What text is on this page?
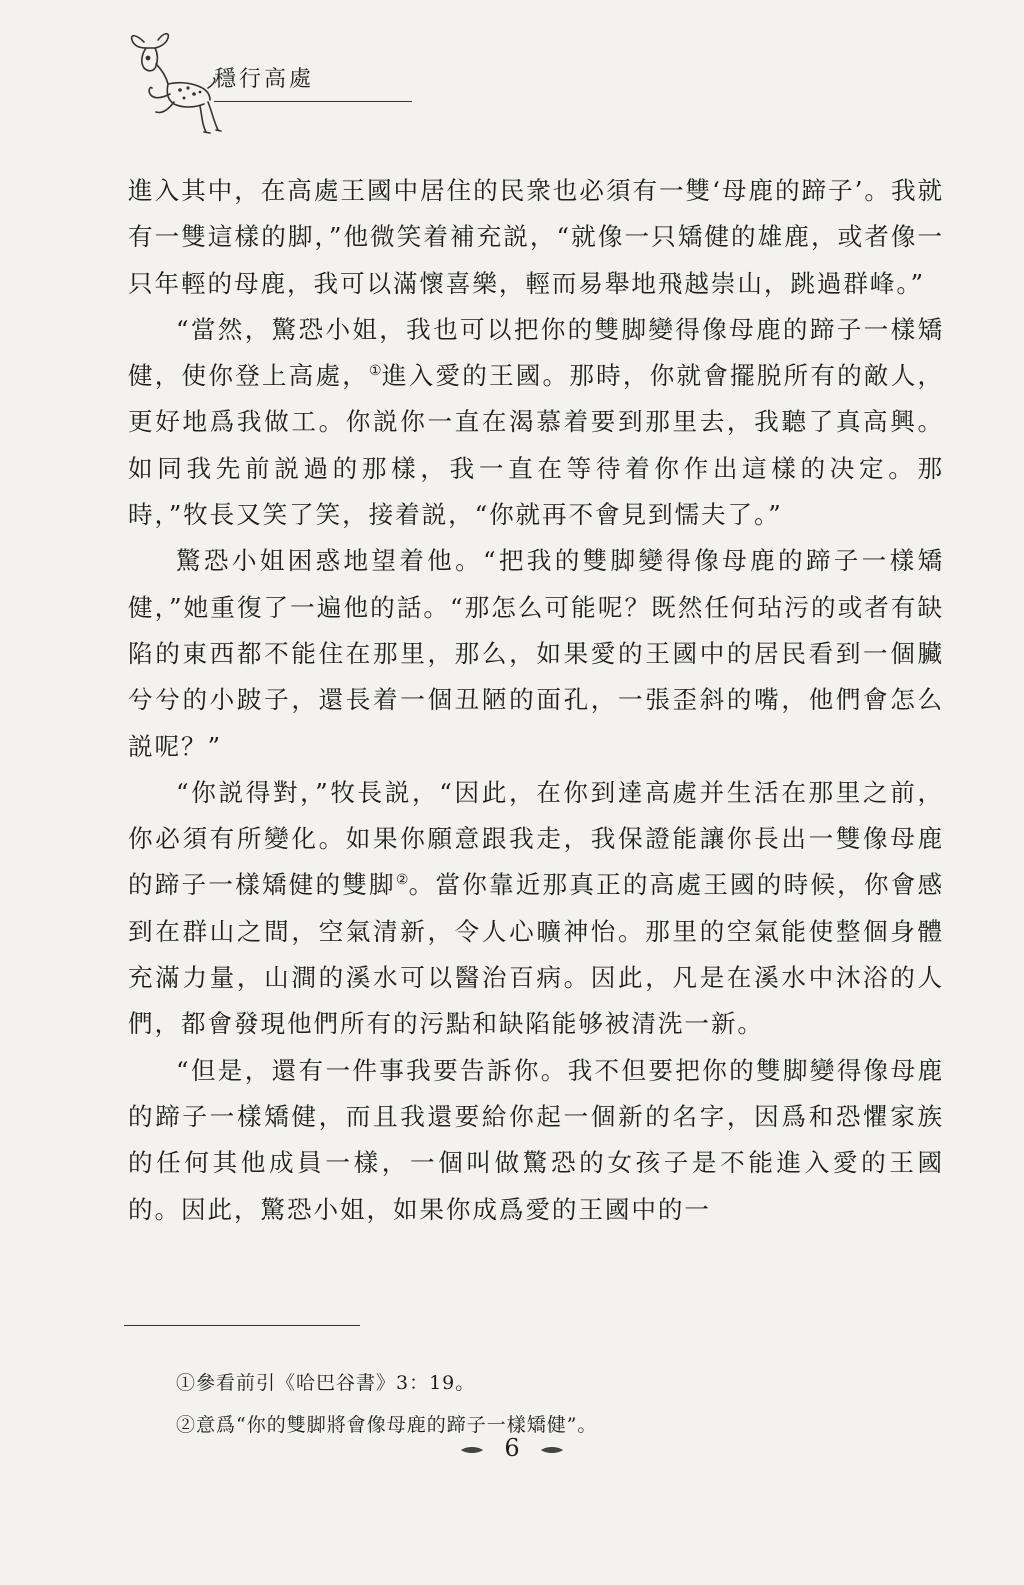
穩行高處

進入其中，在高處王國中居住的民衆也必須有一雙‘母鹿的蹄子’。我就有一雙這樣的脚，”他微笑着補充説，“就像一只矯健的雄鹿，或者像一只年輕的母鹿，我可以滿懷喜樂，輕而易舉地飛越崇山，跳過群峰。”

“當然，驚恐小姐，我也可以把你的雙脚變得像母鹿的蹄子一樣矯健，使你登上高處，①進入愛的王國。那時，你就會擺脱所有的敵人，更好地爲我做工。你説你一直在渴慕着要到那里去，我聽了真高興。如同我先前説過的那樣，我一直在等待着你作出這樣的决定。那時，”牧長又笑了笑，接着説，“你就再不會見到懦夫了。”

驚恐小姐困惑地望着他。“把我的雙脚變得像母鹿的蹄子一樣矯健，”她重復了一遍他的話。“那怎么可能呢？既然任何玷污的或者有缺陷的東西都不能住在那里，那么，如果愛的王國中的居民看到一個臟兮兮的小跛子，還長着一個丑陋的面孔，一張歪斜的嘴，他們會怎么説呢？”

“你説得對，”牧長説，“因此，在你到達高處并生活在那里之前，你必須有所變化。如果你願意跟我走，我保證能讓你長出一雙像母鹿的蹄子一樣矯健的雙脚②。當你靠近那真正的高處王國的時候，你會感到在群山之間，空氣清新，令人心曠神怡。那里的空氣能使整個身體充滿力量，山澗的溪水可以醫治百病。因此，凡是在溪水中沐浴的人們，都會發現他們所有的污點和缺陷能够被清洗一新。

“但是，還有一件事我要告訴你。我不但要把你的雙脚變得像母鹿的蹄子一樣矯健，而且我還要給你起一個新的名字，因爲和恐懼家族的任何其他成員一樣，一個叫做驚恐的女孩子是不能進入愛的王國的。因此，驚恐小姐，如果你成爲愛的王國中的一

①參看前引《哈巴谷書》3：19。

②意爲“你的雙脚將會像母鹿的蹄子一樣矯健”。

6
